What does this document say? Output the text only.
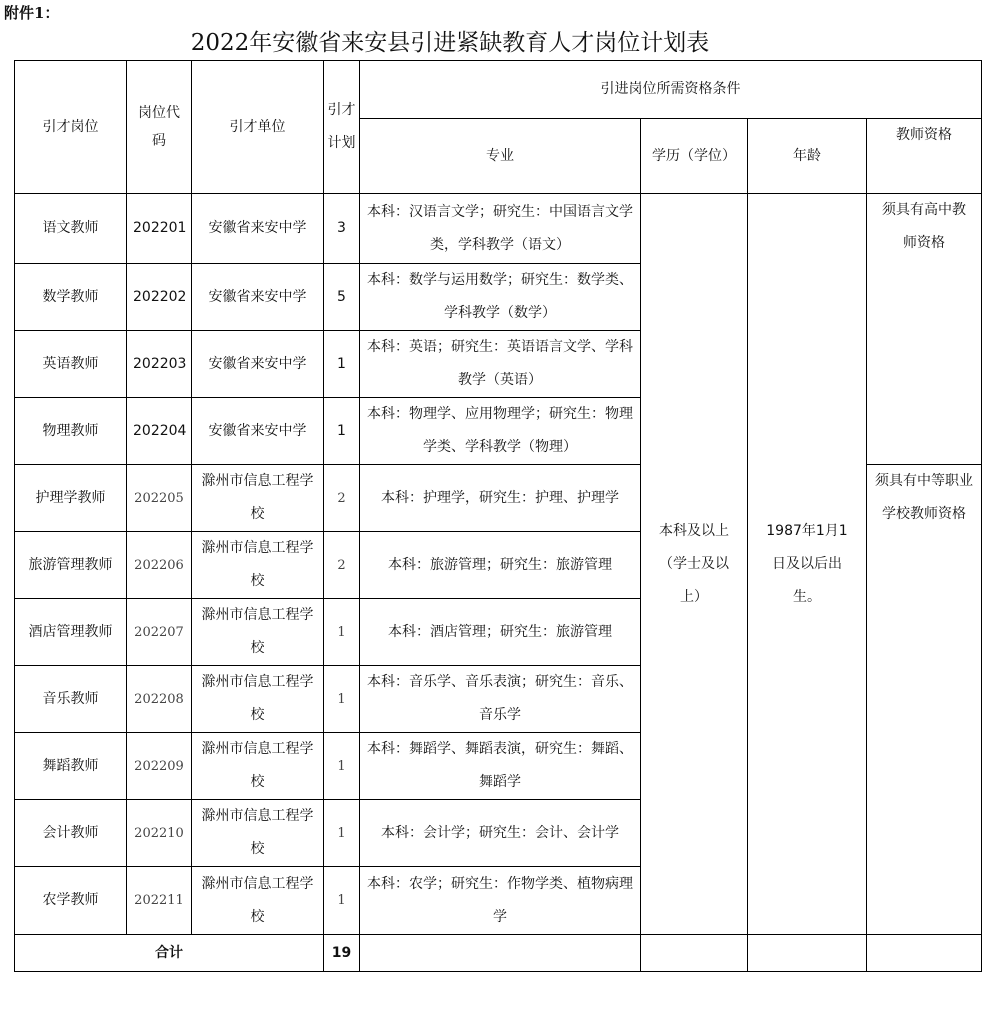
附件1：
2022年安徽省来安县引进紧缺教育人才岗位计划表
引才岗位	岗位代码	引才单位	引才计划	引进岗位所需资格条件			
				专业	学历（学位）	年龄	教师资格
语文教师	202201	安徽省来安中学	3	本科：汉语言文学；研究生：中国语言文学类，学科教学（语文）	本科及以上（学士及以上）	1987年1月1日及以后出生。	须具有高中教师资格
数学教师	202202	安徽省来安中学	5	本科：数学与运用数学；研究生：数学类、学科教学（数学）			
英语教师	202203	安徽省来安中学	1	本科：英语；研究生：英语语言文学、学科教学（英语）			
物理教师	202204	安徽省来安中学	1	本科：物理学、应用物理学；研究生：物理学类、学科教学（物理）			
护理学教师	202205	滁州市信息工程学校	2	本科：护理学，研究生：护理、护理学			须具有中等职业学校教师资格
旅游管理教师	202206	滁州市信息工程学校	2	本科：旅游管理；研究生：旅游管理			
酒店管理教师	202207	滁州市信息工程学校	1	本科：酒店管理；研究生：旅游管理			
音乐教师	202208	滁州市信息工程学校	1	本科：音乐学、音乐表演；研究生：音乐、音乐学			
舞蹈教师	202209	滁州市信息工程学校	1	本科：舞蹈学、舞蹈表演，研究生：舞蹈、舞蹈学			
会计教师	202210	滁州市信息工程学校	1	本科：会计学；研究生：会计、会计学			
农学教师	202211	滁州市信息工程学校	1	本科：农学；研究生：作物学类、植物病理学			
合计			19				
